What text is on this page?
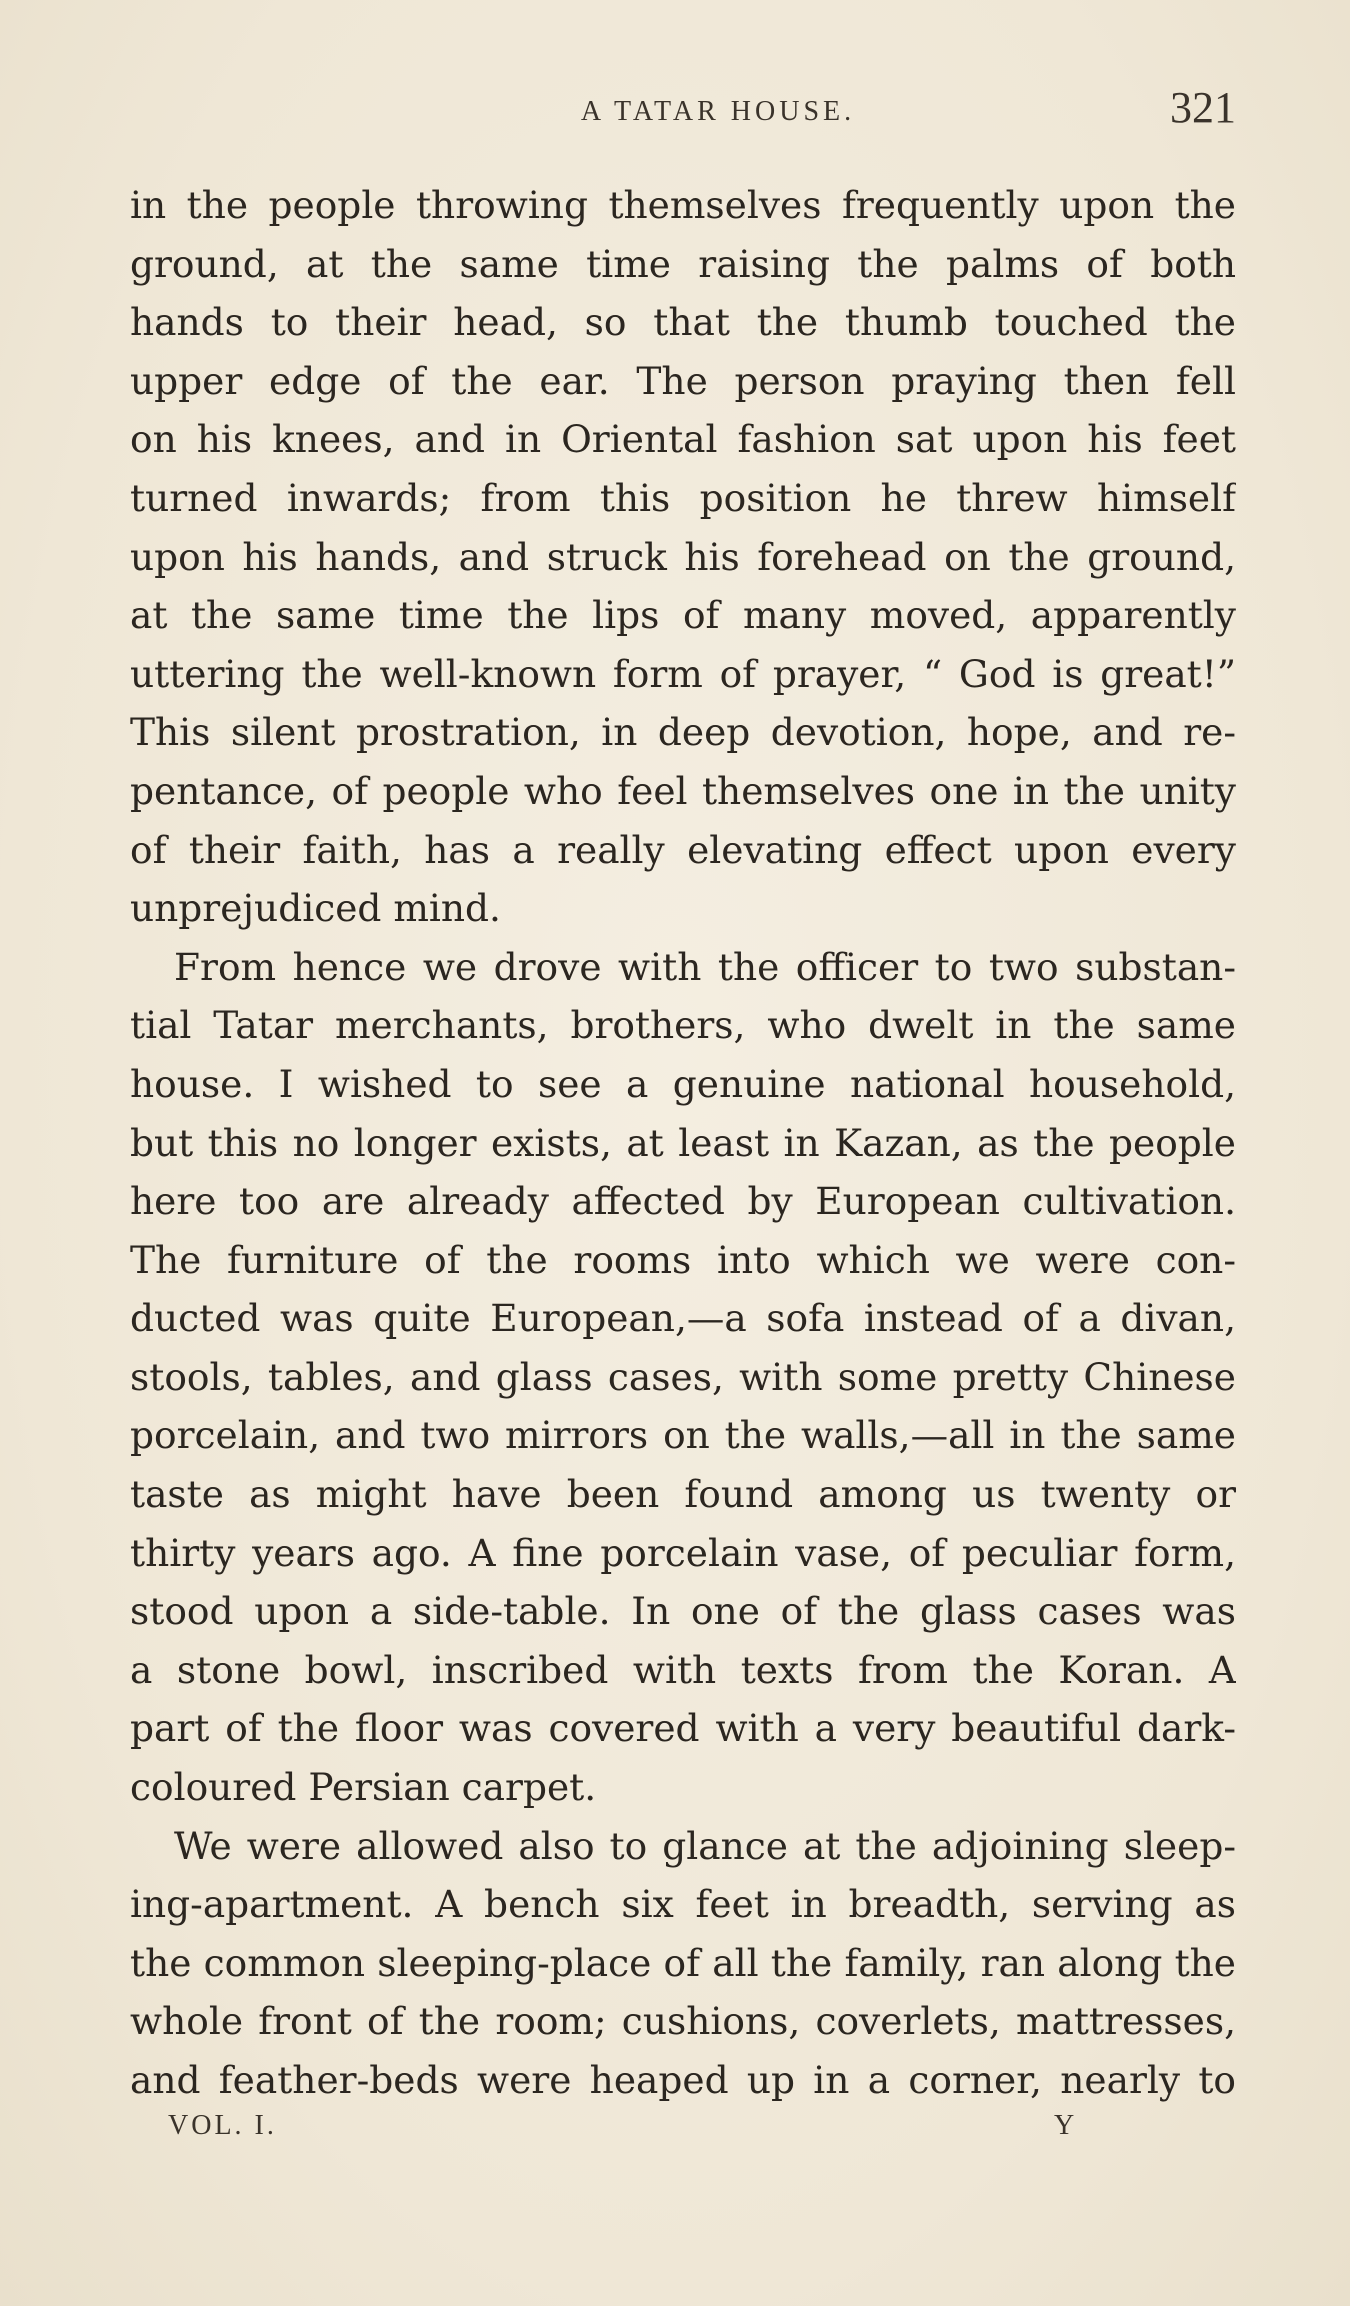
A TATAR HOUSE.	321
in the people throwing themselves frequently upon the
ground, at the same time raising the palms of both
hands to their head, so that the thumb touched the
upper edge of the ear. The person praying then fell
on his knees, and in Oriental fashion sat upon his feet
turned inwards; from this position he threw himself
upon his hands, and struck his forehead on the ground,
at the same time the lips of many moved, apparently
uttering the well-known form of prayer, “ God is great!”
This silent prostration, in deep devotion, hope, and re-
pentance, of people who feel themselves one in the unity
of their faith, has a really elevating effect upon every
unprejudiced mind.
From hence we drove with the officer to two substan-
tial Tatar merchants, brothers, who dwelt in the same
house. I wished to see a genuine national household,
but this no longer exists, at least in Kazan, as the people
here too are already affected by European cultivation.
The furniture of the rooms into which we were con-
ducted was quite European,—a sofa instead of a divan,
stools, tables, and glass cases, with some pretty Chinese
porcelain, and two mirrors on the walls,—all in the same
taste as might have been found among us twenty or
thirty years ago. A fine porcelain vase, of peculiar form,
stood upon a side-table. In one of the glass cases was
a stone bowl, inscribed with texts from the Koran. A
part of the floor was covered with a very beautiful dark-
coloured Persian carpet.
We were allowed also to glance at the adjoining sleep-
ing-apartment. A bench six feet in breadth, serving as
the common sleeping-place of all the family, ran along the
whole front of the room; cushions, coverlets, mattresses,
and feather-beds were heaped up in a corner, nearly to
VOL. I.	Y
